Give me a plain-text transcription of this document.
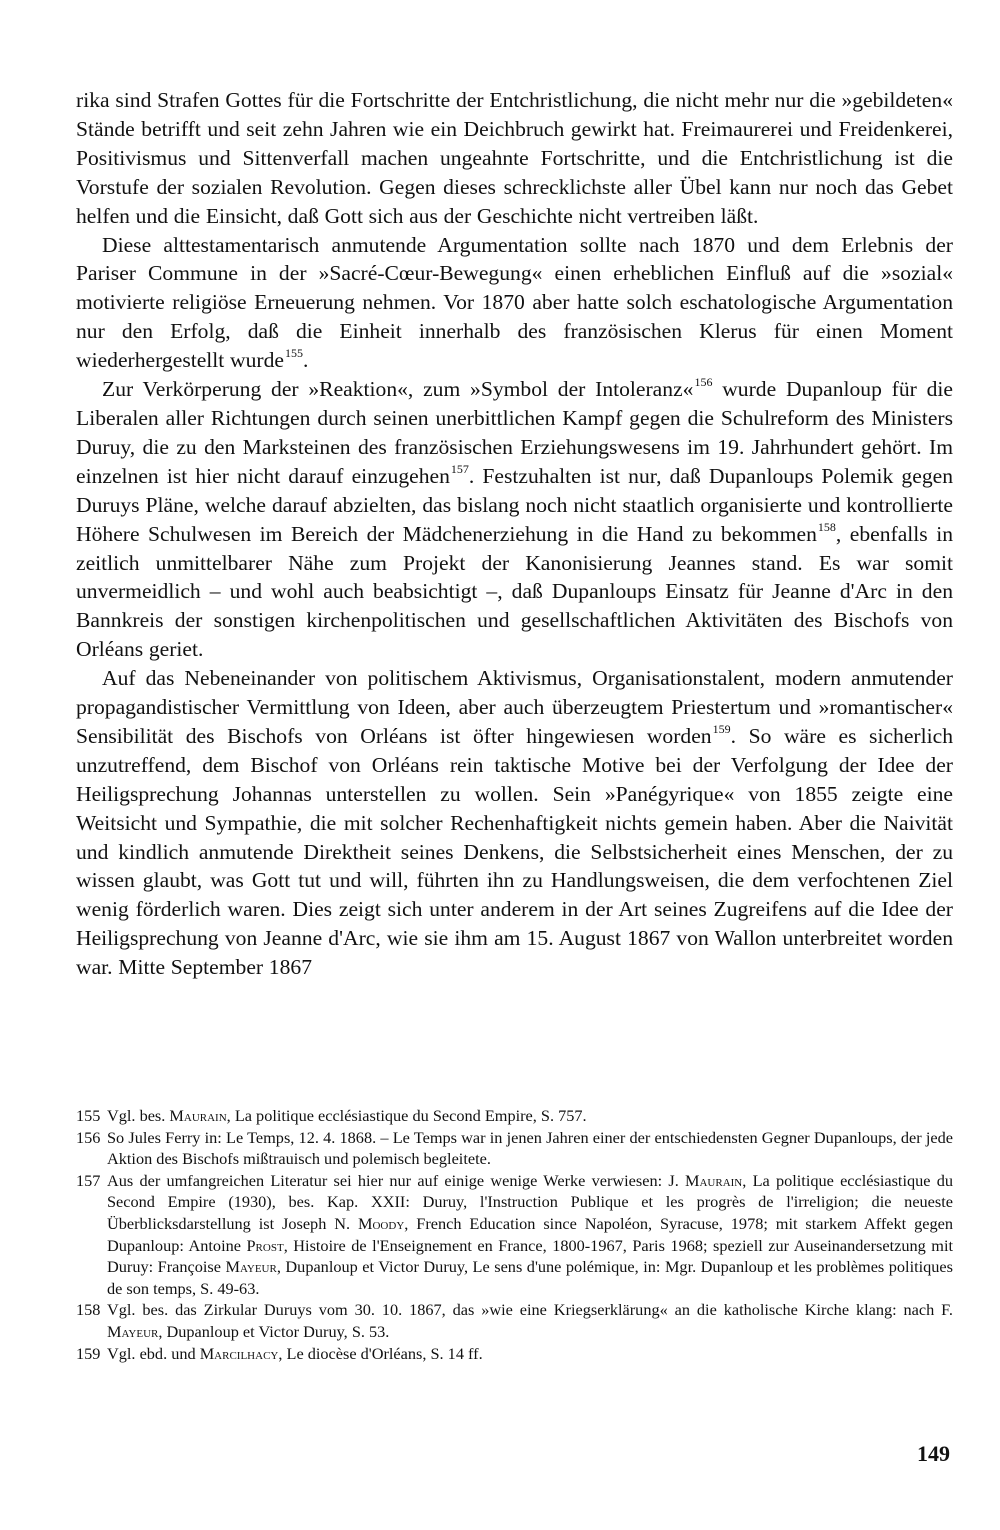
rika sind Strafen Gottes für die Fortschritte der Entchristlichung, die nicht mehr nur die »gebildeten« Stände betrifft und seit zehn Jahren wie ein Deichbruch gewirkt hat. Freimaurerei und Freidenkerei, Positivismus und Sittenverfall machen ungeahnte Fortschritte, und die Entchristlichung ist die Vorstufe der sozialen Revolution. Gegen dieses schrecklichste aller Übel kann nur noch das Gebet helfen und die Einsicht, daß Gott sich aus der Geschichte nicht vertreiben läßt.

Diese alttestamentarisch anmutende Argumentation sollte nach 1870 und dem Erlebnis der Pariser Commune in der »Sacré-Cœur-Bewegung« einen erheblichen Einfluß auf die »sozial« motivierte religiöse Erneuerung nehmen. Vor 1870 aber hatte solch eschatologische Argumentation nur den Erfolg, daß die Einheit innerhalb des französischen Klerus für einen Moment wiederhergestellt wurde$^{155}$.

Zur Verkörperung der »Reaktion«, zum »Symbol der Intoleranz«$^{156}$ wurde Dupanloup für die Liberalen aller Richtungen durch seinen unerbittlichen Kampf gegen die Schulreform des Ministers Duruy, die zu den Marksteinen des französischen Erziehungswesens im 19. Jahrhundert gehört. Im einzelnen ist hier nicht darauf einzugehen$^{157}$. Festzuhalten ist nur, daß Dupanloups Polemik gegen Duruys Pläne, welche darauf abzielten, das bislang noch nicht staatlich organisierte und kontrollierte Höhere Schulwesen im Bereich der Mädchenerziehung in die Hand zu bekommen$^{158}$, ebenfalls in zeitlich unmittelbarer Nähe zum Projekt der Kanonisierung Jeannes stand. Es war somit unvermeidlich – und wohl auch beabsichtigt –, daß Dupanloups Einsatz für Jeanne d'Arc in den Bannkreis der sonstigen kirchenpolitischen und gesellschaftlichen Aktivitäten des Bischofs von Orléans geriet.

Auf das Nebeneinander von politischem Aktivismus, Organisationstalent, modern anmutender propagandistischer Vermittlung von Ideen, aber auch überzeugtem Priestertum und »romantischer« Sensibilität des Bischofs von Orléans ist öfter hingewiesen worden$^{159}$. So wäre es sicherlich unzutreffend, dem Bischof von Orléans rein taktische Motive bei der Verfolgung der Idee der Heiligsprechung Johannas unterstellen zu wollen. Sein »Panégyrique« von 1855 zeigte eine Weitsicht und Sympathie, die mit solcher Rechenhaftigkeit nichts gemein haben. Aber die Naivität und kindlich anmutende Direktheit seines Denkens, die Selbstsicherheit eines Menschen, der zu wissen glaubt, was Gott tut und will, führten ihn zu Handlungsweisen, die dem verfochtenen Ziel wenig förderlich waren. Dies zeigt sich unter anderem in der Art seines Zugreifens auf die Idee der Heiligsprechung von Jeanne d'Arc, wie sie ihm am 15. August 1867 von Wallon unterbreitet worden war. Mitte September 1867

155 Vgl. bes. Maurain, La politique ecclésiastique du Second Empire, S. 757.
156 So Jules Ferry in: Le Temps, 12. 4. 1868. – Le Temps war in jenen Jahren einer der entschiedensten Gegner Dupanloups, der jede Aktion des Bischofs mißtrauisch und polemisch begleitete.
157 Aus der umfangreichen Literatur sei hier nur auf einige wenige Werke verwiesen: J. Maurain, La politique ecclésiastique du Second Empire (1930), bes. Kap. XXII: Duruy, l'Instruction Publique et les progrès de l'irreligion; die neueste Überblicksdarstellung ist Joseph N. Moody, French Education since Napoléon, Syracuse, 1978; mit starkem Affekt gegen Dupanloup: Antoine Prost, Histoire de l'Enseignement en France, 1800-1967, Paris 1968; speziell zur Auseinandersetzung mit Duruy: Françoise Mayeur, Dupanloup et Victor Duruy, Le sens d'une polémique, in: Mgr. Dupanloup et les problèmes politiques de son temps, S. 49-63.
158 Vgl. bes. das Zirkular Duruys vom 30. 10. 1867, das »wie eine Kriegserklärung« an die katholische Kirche klang: nach F. Mayeur, Dupanloup et Victor Duruy, S. 53.
159 Vgl. ebd. und Marcilhacy, Le diocèse d'Orléans, S. 14 ff.
149
